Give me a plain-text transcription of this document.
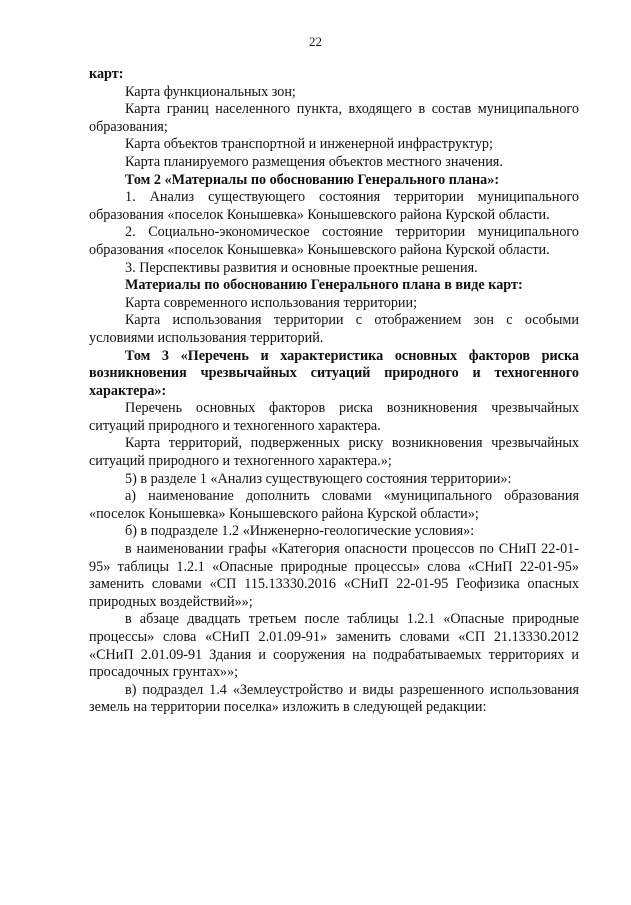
22

карт:

Карта функциональных зон;

Карта границ населенного пункта, входящего в состав муниципального образования;

Карта объектов транспортной и инженерной инфраструктур;

Карта планируемого размещения объектов местного значения.

Том 2 «Материалы по обоснованию Генерального плана»:

1. Анализ существующего состояния территории муниципального образования «поселок Конышевка» Конышевского района Курской области.

2. Социально-экономическое состояние территории муниципального образования «поселок Конышевка» Конышевского района Курской области.

3. Перспективы развития и основные проектные решения.

Материалы по обоснованию Генерального плана в виде карт:

Карта современного использования территории;

Карта использования территории с отображением зон с особыми условиями использования территорий.

Том 3 «Перечень и характеристика основных факторов риска возникновения чрезвычайных ситуаций природного и техногенного характера»:

Перечень основных факторов риска возникновения чрезвычайных ситуаций природного и техногенного характера.

Карта территорий, подверженных риску возникновения чрезвычайных ситуаций природного и техногенного характера.»;

5) в разделе 1 «Анализ существующего состояния территории»:

а) наименование дополнить словами «муниципального образования «поселок Конышевка» Конышевского района Курской области»;

б) в подразделе 1.2 «Инженерно-геологические условия»:

в наименовании графы «Категория опасности процессов по СНиП 22-01-95» таблицы 1.2.1 «Опасные природные процессы» слова «СНиП 22-01-95» заменить словами «СП 115.13330.2016 «СНиП 22-01-95 Геофизика опасных природных воздействий»»;

в абзаце двадцать третьем после таблицы 1.2.1 «Опасные природные процессы» слова «СНиП 2.01.09-91» заменить словами «СП 21.13330.2012 «СНиП 2.01.09-91 Здания и сооружения на подрабатываемых территориях и просадочных грунтах»»;

в) подраздел 1.4 «Землеустройство и виды разрешенного использования земель на территории поселка» изложить в следующей редакции:
